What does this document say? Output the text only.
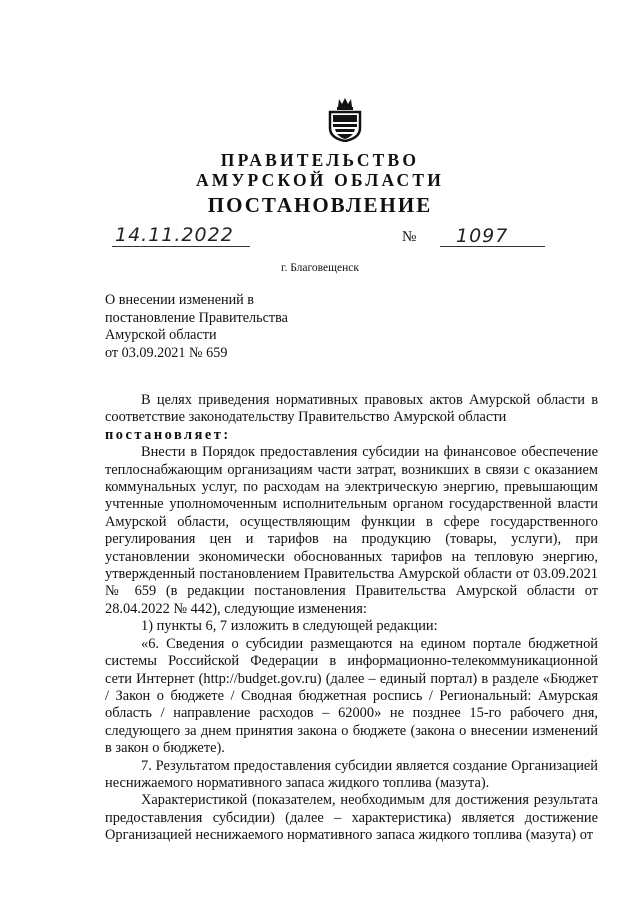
ПРАВИТЕЛЬСТВО
АМУРСКОЙ ОБЛАСТИ
ПОСТАНОВЛЕНИЕ
14.11.2022	№ 1097
г. Благовещенск
О внесении изменений в
постановление Правительства
Амурской области
от 03.09.2021 № 659

В целях приведения нормативных правовых актов Амурской области в соответствие законодательству Правительство Амурской области

постановляет:

Внести в Порядок предоставления субсидии на финансовое обеспечение теплоснабжающим организациям части затрат, возникших в связи с оказанием коммунальных услуг, по расходам на электрическую энергию, превышающим учтенные уполномоченным исполнительным органом государственной власти Амурской области, осуществляющим функции в сфере государственного регулирования цен и тарифов на продукцию (товары, услуги), при установлении экономически обоснованных тарифов на тепловую энергию, утвержденный постановлением Правительства Амурской области от 03.09.2021 № 659 (в редакции постановления Правительства Амурской области от 28.04.2022 № 442), следующие изменения:

1) пункты 6, 7 изложить в следующей редакции:

«6. Сведения о субсидии размещаются на едином портале бюджетной системы Российской Федерации в информационно-телекоммуникационной сети Интернет (http://budget.gov.ru) (далее – единый портал) в разделе «Бюджет / Закон о бюджете / Сводная бюджетная роспись / Региональный: Амурская область / направление расходов – 62000» не позднее 15-го рабочего дня, следующего за днем принятия закона о бюджете (закона о внесении изменений в закон о бюджете).

7. Результатом предоставления субсидии является создание Организацией неснижаемого нормативного запаса жидкого топлива (мазута).

Характеристикой (показателем, необходимым для достижения результата предоставления субсидии) (далее – характеристика) является достижение Организацией неснижаемого нормативного запаса жидкого топлива (мазута) от
